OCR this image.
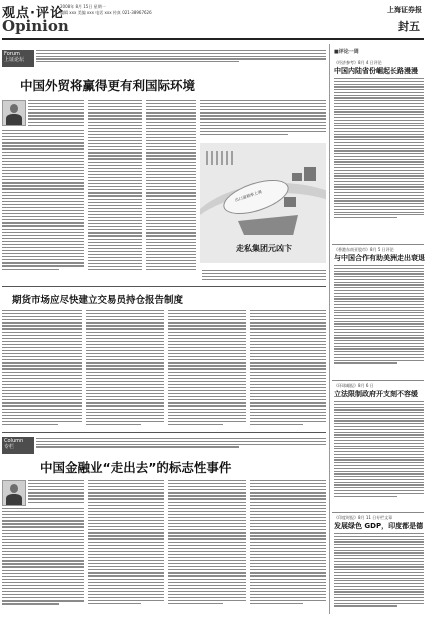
观点·评论
Opinion
2008年 8月 15日 星期一
编辑 xxx 美编 xxx 电话 xxx 传真 021-38967626	上海证券报
封五
Forum
上证论坛
中国外贸将赢得更有利国际环境
出口退税率上调
走私集团元凶卞
期货市场应尽快建立交易员持仓报告制度
Column
专栏
中国金融业“走出去”的标志性事件
■评论一周
《经济参考》8月 4 日评论
中国内陆省份崛起长路漫漫
《香港东南亚股市》8月 5 日评论
与中国合作有助美洲走出衰退
《环球邮报》8月 6 日
立法限制政府开支刻不容缓
《印度时报》8月 11 日专栏文章
发展绿色 GDP，印度都是德
